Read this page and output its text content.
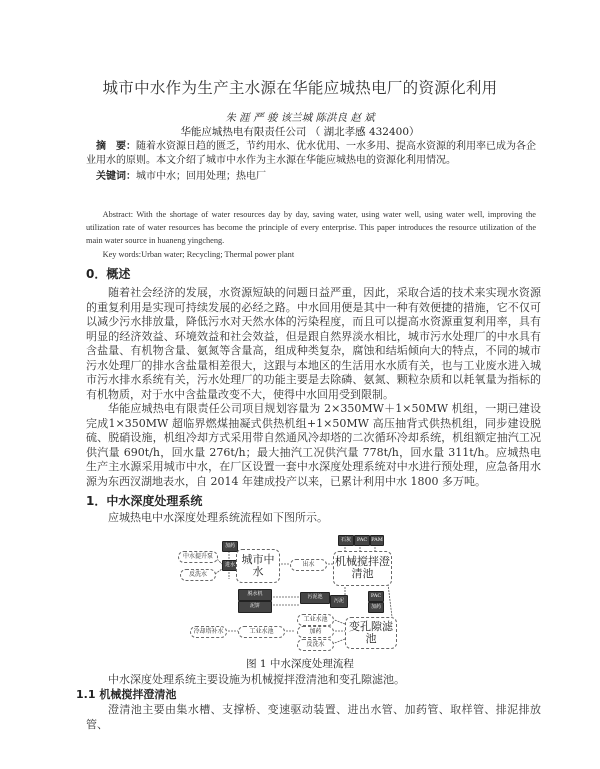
城市中水作为生产主水源在华能应城热电厂的资源化利用
朱 涯 严 骏 该兰城 陈洪良 赵 斌
华能应城热电有限责任公司 （ 湖北孝感 432400）
摘　要：随着水资源日趋的匮乏，节约用水、优水优用、一水多用、提高水资源的利用率已成为各企业用水的原则。本文介绍了城市中水作为主水源在华能应城热电的资源化利用情况。
关键词：城市中水；回用处理；热电厂
Abstract: With the shortage of water resources day by day, saving water, using water well, using water well, improving the utilization rate of water resources has become the principle of every enterprise. This paper introduces the resource utilization of the main water source in huaneng yingcheng.
Key words:Urban water; Recycling; Thermal power plant
0．概述
随着社会经济的发展，水资源短缺的问题日益严重，因此，采取合适的技术来实现水资源的重复利用是实现可持续发展的必经之路。中水回用便是其中一种有效便捷的措施，它不仅可以减少污水排放量，降低污水对天然水体的污染程度，而且可以提高水资源重复利用率，具有明显的经济效益、环境效益和社会效益，但是跟自然界淡水相比，城市污水处理厂的中水具有含盐量、有机物含量、氨氮等含量高，组成种类复杂，腐蚀和结垢倾向大的特点，不同的城市污水处理厂的排水含盐量相差很大，这跟与本地区的生活用水水质有关，也与工业废水进入城市污水排水系统有关，污水处理厂的功能主要是去除磷、氨氮、颗粒杂质和以耗氧量为指标的有机物质，对于水中含盐量改变不大，使得中水回用受到限制。
华能应城热电有限责任公司项目规划容量为 2×350MW＋1×50MW 机组，一期已建设完成1×350MW 超临界燃煤抽凝式供热机组+1×50MW 高压抽背式供热机组，同步建设脱硫、脱硝设施，机组冷却方式采用带自然通风冷却塔的二次循环冷却系统，机组额定抽汽工况供汽量 690t/h，回水量 276t/h；最大抽汽工况供汽量 778t/h，回水量 311t/h。应城热电生产主水源采用城市中水，在厂区设置一套中水深度处理系统对中水进行预处理，应急备用水源为东西汊湖地表水，自 2014 年建成投产以来，已累计利用中水 1800 多万吨。
1．中水深度处理系统
应城热电中水深度处理系统流程如下图所示。
加药
中水提升泵
进水
反洗水
城市中水	出水
石灰	PAC PAM
机械搅拌澄清池
PAC
加药
污泥
污泥池
脱水机
泥饼
工业水池
加药
反洗水
变孔隙滤池
工业水池
冷却塔补水
图 1 中水深度处理流程
中水深度处理系统主要设施为机械搅拌澄清池和变孔隙滤池。
1.1 机械搅拌澄清池
澄清池主要由集水槽、支撑桥、变速驱动装置、进出水管、加药管、取样管、排泥排放管、
